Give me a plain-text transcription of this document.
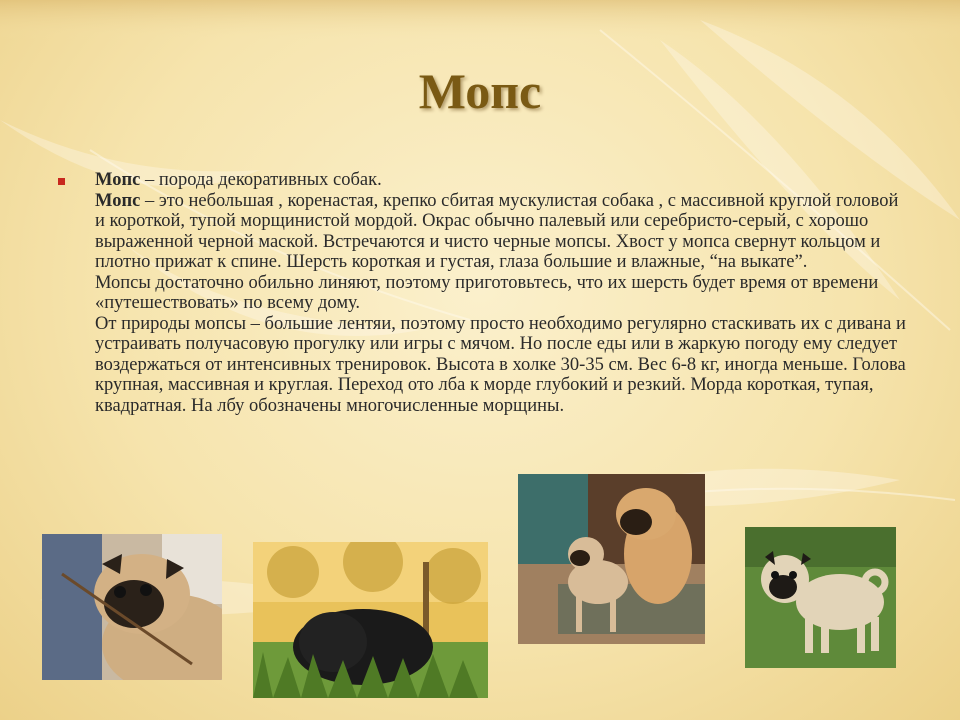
Мопс

Мопс – порода декоративных собак.

Мопс – это небольшая , коренастая, крепко сбитая мускулистая собака , с массивной круглой головой и короткой, тупой морщинистой мордой. Окрас обычно палевый или серебристо-серый, с хорошо выраженной черной маской. Встречаются и чисто черные мопсы. Хвост у мопса свернут кольцом и плотно прижат к спине. Шерсть короткая и густая, глаза большие и влажные, “на выкате”.

Мопсы достаточно обильно линяют, поэтому приготовьтесь, что их шерсть будет время от времени «путешествовать» по всему дому.

От природы мопсы – большие лентяи, поэтому просто необходимо регулярно стаскивать их с дивана и устраивать получасовую прогулку или игры с мячом. Но после еды или в жаркую погоду ему следует воздержаться от интенсивных тренировок. Высота в холке 30-35 см. Вес 6-8 кг, иногда меньше. Голова крупная, массивная и круглая. Переход ото лба к морде глубокий и резкий. Морда короткая, тупая, квадратная. На лбу обозначены многочисленные морщины.
